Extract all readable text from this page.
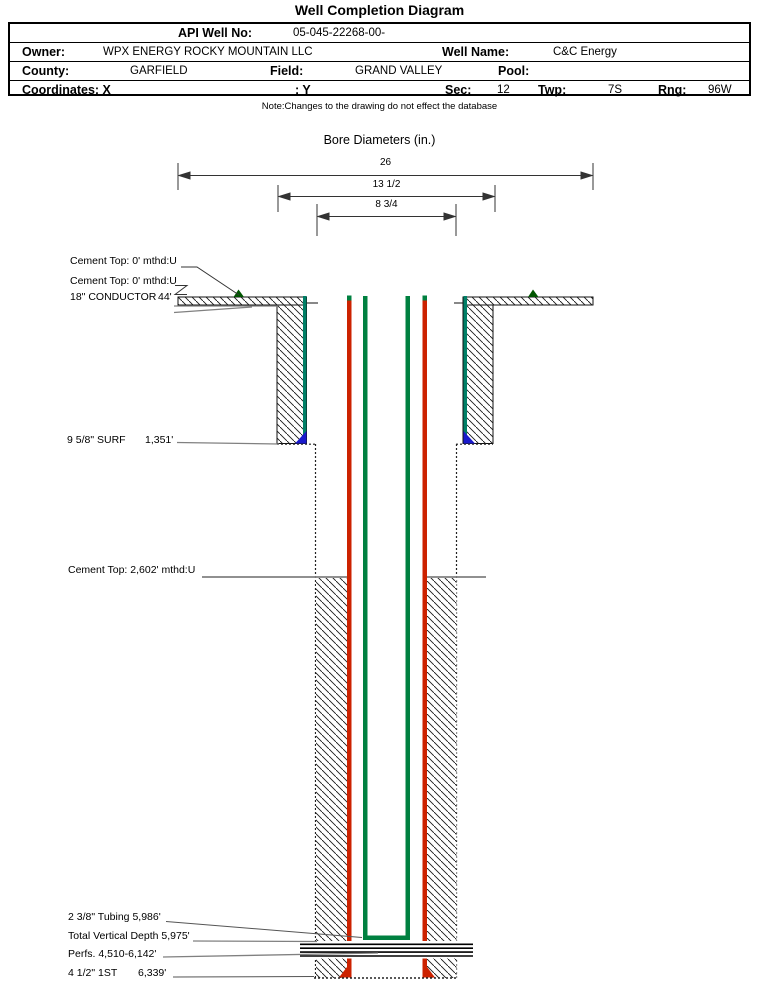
Well Completion Diagram
API Well No:	05-045-22268-00-
Owner:	WPX ENERGY ROCKY MOUNTAIN LLC	Well Name:	C&C Energy
County:	GARFIELD	Field:	GRAND VALLEY	Pool:
Coordinates: X	; Y	Sec: 12 Twp:	7S	Rng: 96W
Note:Changes to the drawing do not effect the database
Bore Diameters (in.)
26
13 1/2
8 3/4
Cement Top: 0' mthd:U
Cement Top: 0' mthd:U
18" CONDUCTOR 44'
9 5/8" SURF 1,351'
Cement Top: 2,602' mthd:U
2 3/8" Tubing 5,986'
Total Vertical Depth 5,975'
Perfs. 4,510-6,142'
4 1/2" 1ST 6,339'
